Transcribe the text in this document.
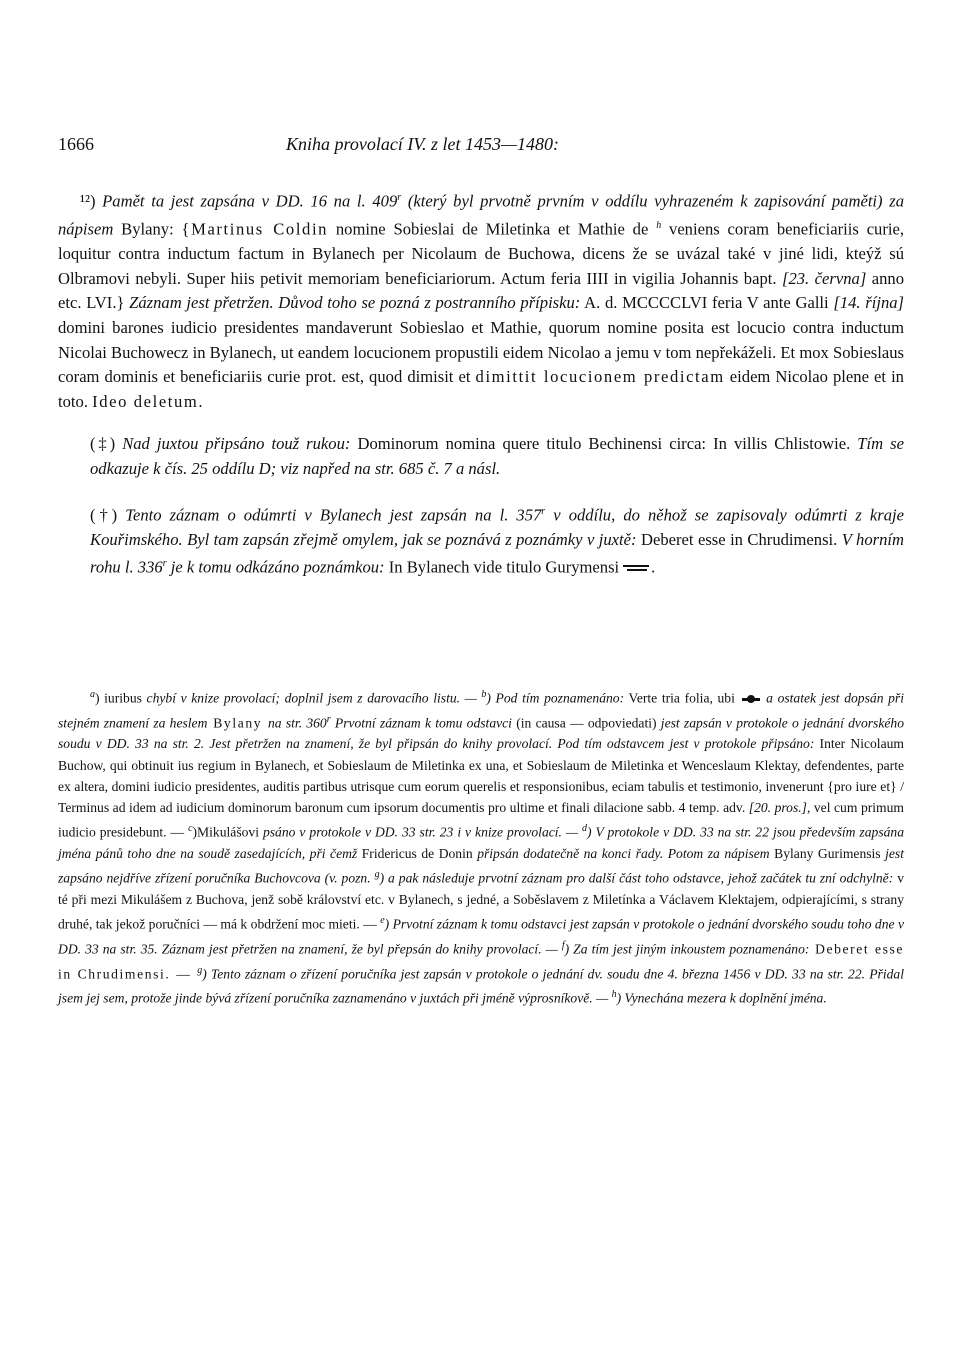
1666	Kniha provolací IV. z let 1453—1480:

¹²) Pamět ta jest zapsána v DD. 16 na l. 409$^r$ (který byl prvotně prvním v oddílu vyhrazeném k zapisování paměti) za nápisem Bylany: {Martinus Coldin nomine Sobieslai de Miletinka et Mathie de $^h$ veniens coram beneficiariis curie, loquitur contra inductum factum in Bylanech per Nicolaum de Buchowa, dicens že se uvázal také v jiné lidi, kteýž sú Olbramovi nebyli. Super hiis petivit memoriam beneficiariorum. Actum feria IIII in vigilia Johannis bapt. [23. června] anno etc. LVI.} Záznam jest přetržen. Důvod toho se pozná z postranního přípisku: A. d. MCCCCLVI feria V ante Galli [14. října] domini barones iudicio presidentes mandaverunt Sobieslao et Mathie, quorum nomine posita est locucio contra inductum Nicolai Buchowecz in Bylanech, ut eandem locucionem propustili eidem Nicolao a jemu v tom nepřekáželi. Et mox Sobieslaus coram dominis et beneficiariis curie prot. est, quod dimisit et dimittit locucionem predictam eidem Nicolao plene et in toto. Ideo deletum.

(‡) Nad juxtou připsáno touž rukou: Dominorum nomina quere titulo Bechinensi circa: In villis Chlistowie. Tím se odkazuje k čís. 25 oddílu D; viz napřed na str. 685 č. 7 a násl.

(†) Tento záznam o odúmrti v Bylanech jest zapsán na l. 357$^r$ v oddílu, do něhož se zapisovaly odúmrti z kraje Kouřimského. Byl tam zapsán zřejmě omylem, jak se poznává z poznámky v juxtě: Deberet esse in Chrudimensi. V horním rohu l. 336$^r$ je k tomu odkázáno poznámkou: In Bylanech vide titulo Gurymensi .

$^a$) iuribus chybí v knize provolací; doplnil jsem z darovacího listu. — $^b$) Pod tím poznamenáno: Verte tria folia, ubi  a ostatek jest dopsán při stejném znamení za heslem Bylany na str. 360$^r$ Prvotní záznam k tomu odstavci (in causa — odpoviedati) jest zapsán v protokole o jednání dvorského soudu v DD. 33 na str. 2. Jest přetržen na znamení, že byl připsán do knihy provolací. Pod tím odstavcem jest v protokole připsáno: Inter Nicolaum Buchow, qui obtinuit ius regium in Bylanech, et Sobieslaum de Miletinka ex una, et Sobieslaum de Miletinka et Wenceslaum Klektay, defendentes, parte ex altera, domini iudicio presidentes, auditis partibus utrisque cum eorum querelis et responsionibus, eciam tabulis et testimonio, invenerunt {pro iure et} / Terminus ad idem ad iudicium dominorum baronum cum ipsorum documentis pro ultime et finali dilacione sabb. 4 temp. adv. [20. pros.], vel cum primum iudicio presidebunt. — $^c$)Mikulášovi psáno v protokole v DD. 33 str. 23 i v knize provolací. — $^d$) V protokole v DD. 33 na str. 22 jsou především zapsána jména pánů toho dne na soudě zasedajících, při čemž Fridericus de Donin připsán dodatečně na konci řady. Potom za nápisem Bylany Gurimensis jest zapsáno nejdříve zřízení poručníka Buchovcova (v. pozn. $^g$) a pak následuje prvotní záznam pro další část toho odstavce, jehož začátek tu zní odchylně: v té při mezi Mikulášem z Buchova, jenž sobě království etc. v Bylanech, s jedné, a Soběslavem z Miletínka a Václavem Klektajem, odpierajícími, s strany druhé, tak jekož poručníci — má k obdržení moc mieti. — $^e$) Prvotní záznam k tomu odstavci jest zapsán v protokole o jednání dvorského soudu toho dne v DD. 33 na str. 35. Záznam jest přetržen na znamení, že byl přepsán do knihy provolací. — $^f$) Za tím jest jiným inkoustem poznamenáno: Deberet esse in Chrudimensi. — $^g$) Tento záznam o zřízení poručníka jest zapsán v protokole o jednání dv. soudu dne 4. března 1456 v DD. 33 na str. 22. Přidal jsem jej sem, protože jinde bývá zřízení poručníka zaznamenáno v juxtách při jméně výprosníkově. — $^h$) Vynechána mezera k doplnění jména.
